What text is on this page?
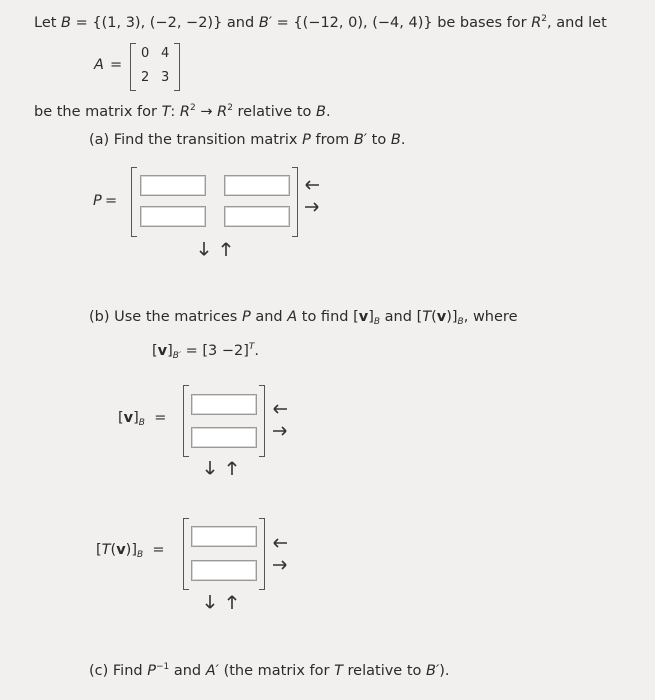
Let B = {(1, 3), (−2, −2)} and B′ = {(−12, 0), (−4, 4)} be bases for $R^2$, and let
A =
0 4
2 3
be the matrix for T: $R^2 \to R^2$ relative to B.
(a) Find the transition matrix P from B′ to B.
P =
(b) Use the matrices P and A to find $[v]_B$ and $[T(v)]_B$, where
$[v]_{B'} = [3 -2]^T$.
$[v]_B$ =
$[T(v)]_B$ =
(c) Find $P^{-1}$ and A′ (the matrix for T relative to B′).
